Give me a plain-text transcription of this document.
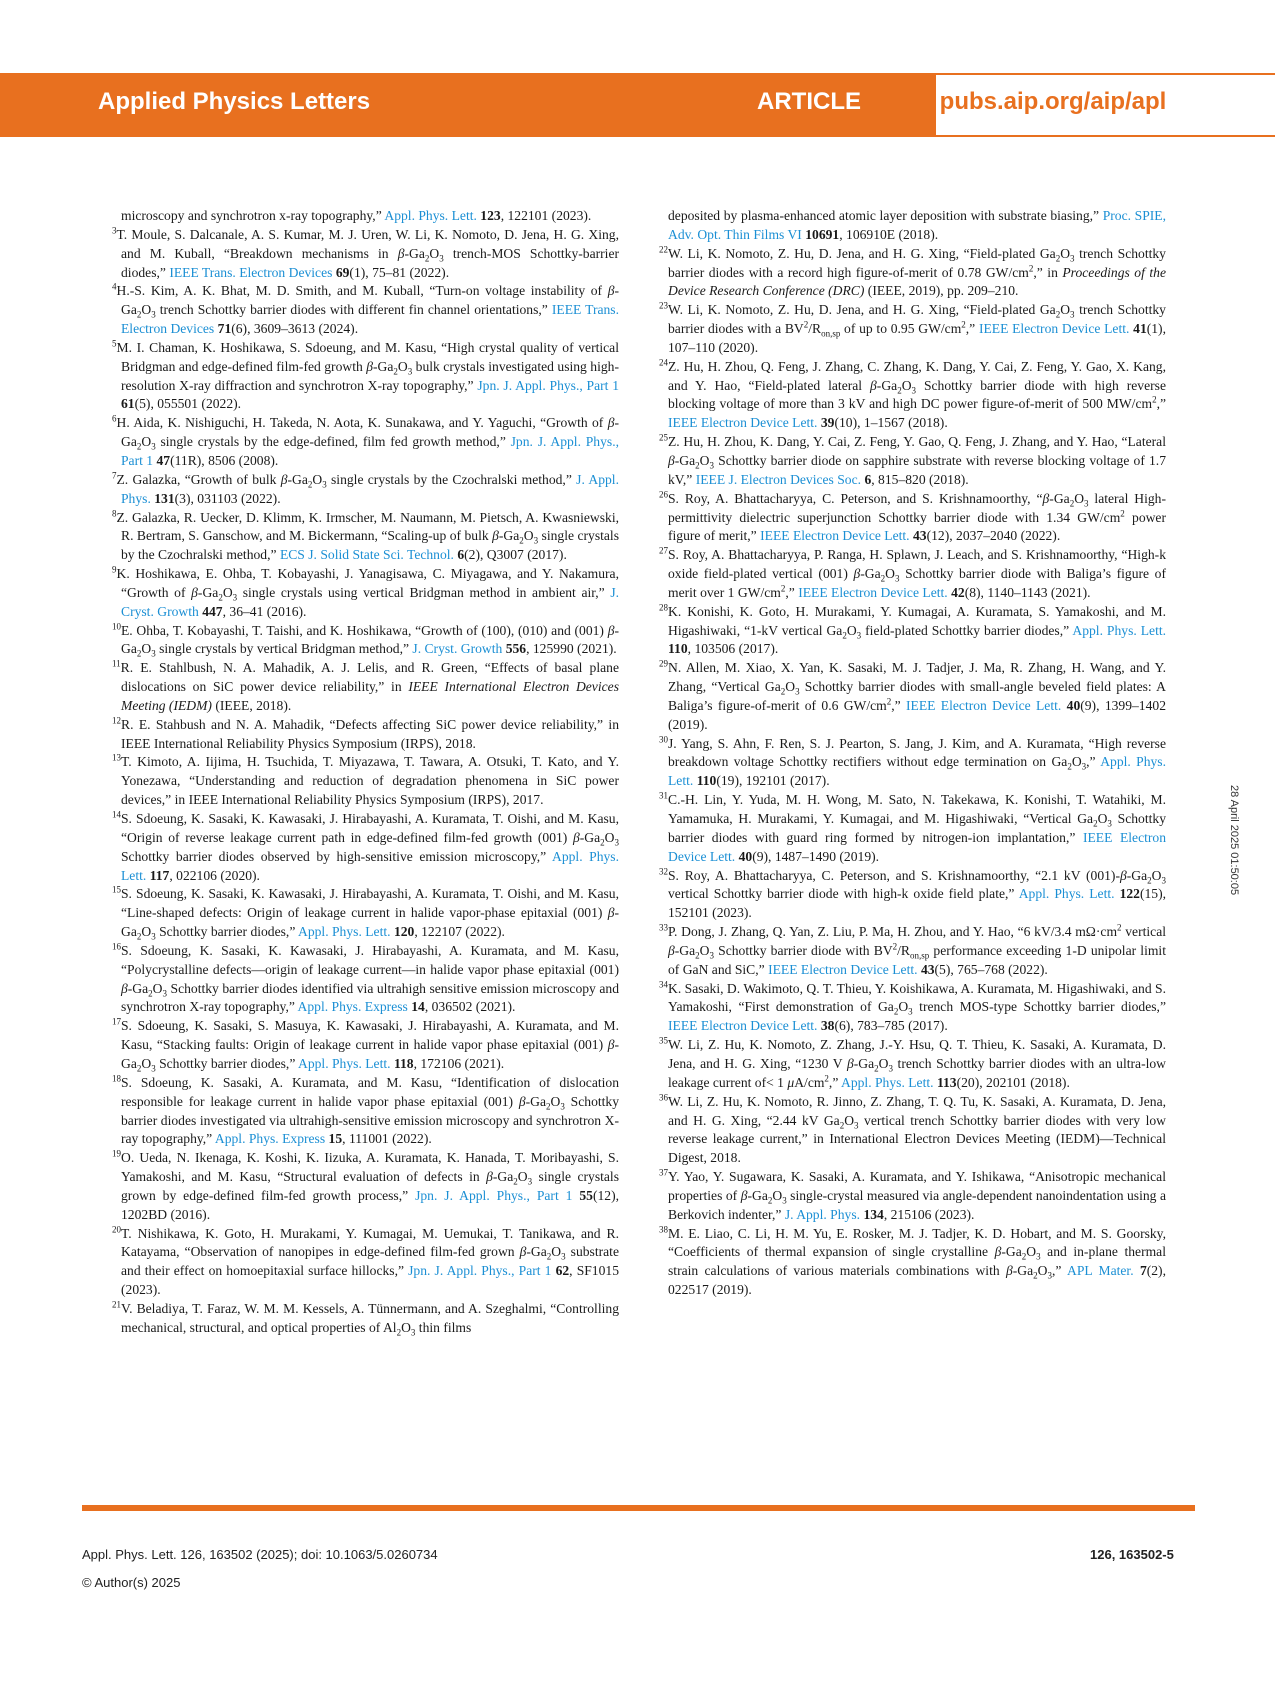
Applied Physics Letters	ARTICLE	pubs.aip.org/aip/apl

microscopy and synchrotron x-ray topography,” Appl. Phys. Lett. 123, 122101 (2023).

$^3$T. Moule, S. Dalcanale, A. S. Kumar, M. J. Uren, W. Li, K. Nomoto, D. Jena, H. G. Xing, and M. Kuball, “Breakdown mechanisms in $\beta-Ga_2O_3$ trench-MOS Schottky-barrier diodes,” IEEE Trans. Electron Devices 69(1), 75–81 (2022).

$^4$H.-S. Kim, A. K. Bhat, M. D. Smith, and M. Kuball, “Turn-on voltage instability of $\beta-Ga_2O_3$ trench Schottky barrier diodes with different fin channel orientations,” IEEE Trans. Electron Devices 71(6), 3609–3613 (2024).

$^5$M. I. Chaman, K. Hoshikawa, S. Sdoeung, and M. Kasu, “High crystal quality of vertical Bridgman and edge-defined film-fed growth $\beta-Ga_2O_3$ bulk crystals investigated using high-resolution X-ray diffraction and synchrotron X-ray topography,” Jpn. J. Appl. Phys., Part 1 61(5), 055501 (2022).

$^6$H. Aida, K. Nishiguchi, H. Takeda, N. Aota, K. Sunakawa, and Y. Yaguchi, “Growth of $\beta-Ga_2O_3$ single crystals by the edge-defined, film fed growth method,” Jpn. J. Appl. Phys., Part 1 47(11R), 8506 (2008).

$^7$Z. Galazka, “Growth of bulk $\beta-Ga_2O_3$ single crystals by the Czochralski method,” J. Appl. Phys. 131(3), 031103 (2022).

$^8$Z. Galazka, R. Uecker, D. Klimm, K. Irmscher, M. Naumann, M. Pietsch, A. Kwasniewski, R. Bertram, S. Ganschow, and M. Bickermann, “Scaling-up of bulk $\beta-Ga_2O_3$ single crystals by the Czochralski method,” ECS J. Solid State Sci. Technol. 6(2), Q3007 (2017).

$^9$K. Hoshikawa, E. Ohba, T. Kobayashi, J. Yanagisawa, C. Miyagawa, and Y. Nakamura, “Growth of $\beta-Ga_2O_3$ single crystals using vertical Bridgman method in ambient air,” J. Cryst. Growth 447, 36–41 (2016).

$^{10}$E. Ohba, T. Kobayashi, T. Taishi, and K. Hoshikawa, “Growth of (100), (010) and (001) $\beta-Ga_2O_3$ single crystals by vertical Bridgman method,” J. Cryst. Growth 556, 125990 (2021).

$^{11}$R. E. Stahlbush, N. A. Mahadik, A. J. Lelis, and R. Green, “Effects of basal plane dislocations on SiC power device reliability,” in IEEE International Electron Devices Meeting (IEDM) (IEEE, 2018).

$^{12}$R. E. Stahbush and N. A. Mahadik, “Defects affecting SiC power device reliability,” in IEEE International Reliability Physics Symposium (IRPS), 2018.

$^{13}$T. Kimoto, A. Iijima, H. Tsuchida, T. Miyazawa, T. Tawara, A. Otsuki, T. Kato, and Y. Yonezawa, “Understanding and reduction of degradation phenomena in SiC power devices,” in IEEE International Reliability Physics Symposium (IRPS), 2017.

$^{14}$S. Sdoeung, K. Sasaki, K. Kawasaki, J. Hirabayashi, A. Kuramata, T. Oishi, and M. Kasu, “Origin of reverse leakage current path in edge-defined film-fed growth (001) $\beta-Ga_2O_3$ Schottky barrier diodes observed by high-sensitive emission microscopy,” Appl. Phys. Lett. 117, 022106 (2020).

$^{15}$S. Sdoeung, K. Sasaki, K. Kawasaki, J. Hirabayashi, A. Kuramata, T. Oishi, and M. Kasu, “Line-shaped defects: Origin of leakage current in halide vapor-phase epitaxial (001) $\beta-Ga_2O_3$ Schottky barrier diodes,” Appl. Phys. Lett. 120, 122107 (2022).

$^{16}$S. Sdoeung, K. Sasaki, K. Kawasaki, J. Hirabayashi, A. Kuramata, and M. Kasu, “Polycrystalline defects—origin of leakage current—in halide vapor phase epitaxial (001) $\beta-Ga_2O_3$ Schottky barrier diodes identified via ultrahigh sensitive emission microscopy and synchrotron X-ray topography,” Appl. Phys. Express 14, 036502 (2021).

$^{17}$S. Sdoeung, K. Sasaki, S. Masuya, K. Kawasaki, J. Hirabayashi, A. Kuramata, and M. Kasu, “Stacking faults: Origin of leakage current in halide vapor phase epitaxial (001) $\beta-Ga_2O_3$ Schottky barrier diodes,” Appl. Phys. Lett. 118, 172106 (2021).

$^{18}$S. Sdoeung, K. Sasaki, A. Kuramata, and M. Kasu, “Identification of dislocation responsible for leakage current in halide vapor phase epitaxial (001) $\beta-Ga_2O_3$ Schottky barrier diodes investigated via ultrahigh-sensitive emission microscopy and synchrotron X-ray topography,” Appl. Phys. Express 15, 111001 (2022).

$^{19}$O. Ueda, N. Ikenaga, K. Koshi, K. Iizuka, A. Kuramata, K. Hanada, T. Moribayashi, S. Yamakoshi, and M. Kasu, “Structural evaluation of defects in $\beta-Ga_2O_3$ single crystals grown by edge-defined film-fed growth process,” Jpn. J. Appl. Phys., Part 1 55(12), 1202BD (2016).

$^{20}$T. Nishikawa, K. Goto, H. Murakami, Y. Kumagai, M. Uemukai, T. Tanikawa, and R. Katayama, “Observation of nanopipes in edge-defined film-fed grown $\beta-Ga_2O_3$ substrate and their effect on homoepitaxial surface hillocks,” Jpn. J. Appl. Phys., Part 1 62, SF1015 (2023).

$^{21}$V. Beladiya, T. Faraz, W. M. M. Kessels, A. Tünnermann, and A. Szeghalmi, “Controlling mechanical, structural, and optical properties of $Al_2O_3$ thin films

deposited by plasma-enhanced atomic layer deposition with substrate biasing,” Proc. SPIE, Adv. Opt. Thin Films VI 10691, 106910E (2018).

$^{22}$W. Li, K. Nomoto, Z. Hu, D. Jena, and H. G. Xing, “Field-plated $Ga_2O_3$ trench Schottky barrier diodes with a record high figure-of-merit of 0.78 $GW/cm^2$,” in Proceedings of the Device Research Conference (DRC) (IEEE, 2019), pp. 209–210.

$^{23}$W. Li, K. Nomoto, Z. Hu, D. Jena, and H. G. Xing, “Field-plated $Ga_2O_3$ trench Schottky barrier diodes with a $BV^2/R_{on,sp}$ of up to 0.95 $GW/cm^2$,” IEEE Electron Device Lett. 41(1), 107–110 (2020).

$^{24}$Z. Hu, H. Zhou, Q. Feng, J. Zhang, C. Zhang, K. Dang, Y. Cai, Z. Feng, Y. Gao, X. Kang, and Y. Hao, “Field-plated lateral $\beta-Ga_2O_3$ Schottky barrier diode with high reverse blocking voltage of more than 3 kV and high DC power figure-of-merit of 500 $MW/cm^2$,” IEEE Electron Device Lett. 39(10), 1–1567 (2018).

$^{25}$Z. Hu, H. Zhou, K. Dang, Y. Cai, Z. Feng, Y. Gao, Q. Feng, J. Zhang, and Y. Hao, “Lateral $\beta-Ga_2O_3$ Schottky barrier diode on sapphire substrate with reverse blocking voltage of 1.7 kV,” IEEE J. Electron Devices Soc. 6, 815–820 (2018).

$^{26}$S. Roy, A. Bhattacharyya, C. Peterson, and S. Krishnamoorthy, “$\beta-Ga_2O_3$ lateral High-permittivity dielectric superjunction Schottky barrier diode with 1.34 $GW/cm^2$ power figure of merit,” IEEE Electron Device Lett. 43(12), 2037–2040 (2022).

$^{27}$S. Roy, A. Bhattacharyya, P. Ranga, H. Splawn, J. Leach, and S. Krishnamoorthy, “High-k oxide field-plated vertical (001) $\beta-Ga_2O_3$ Schottky barrier diode with Baliga’s figure of merit over 1 $GW/cm^2$,” IEEE Electron Device Lett. 42(8), 1140–1143 (2021).

$^{28}$K. Konishi, K. Goto, H. Murakami, Y. Kumagai, A. Kuramata, S. Yamakoshi, and M. Higashiwaki, “1-kV vertical $Ga_2O_3$ field-plated Schottky barrier diodes,” Appl. Phys. Lett. 110, 103506 (2017).

$^{29}$N. Allen, M. Xiao, X. Yan, K. Sasaki, M. J. Tadjer, J. Ma, R. Zhang, H. Wang, and Y. Zhang, “Vertical $Ga_2O_3$ Schottky barrier diodes with small-angle beveled field plates: A Baliga’s figure-of-merit of 0.6 $GW/cm^2$,” IEEE Electron Device Lett. 40(9), 1399–1402 (2019).

$^{30}$J. Yang, S. Ahn, F. Ren, S. J. Pearton, S. Jang, J. Kim, and A. Kuramata, “High reverse breakdown voltage Schottky rectifiers without edge termination on $Ga_2O_3$,” Appl. Phys. Lett. 110(19), 192101 (2017).

$^{31}$C.-H. Lin, Y. Yuda, M. H. Wong, M. Sato, N. Takekawa, K. Konishi, T. Watahiki, M. Yamamuka, H. Murakami, Y. Kumagai, and M. Higashiwaki, “Vertical $Ga_2O_3$ Schottky barrier diodes with guard ring formed by nitrogen-ion implantation,” IEEE Electron Device Lett. 40(9), 1487–1490 (2019).

$^{32}$S. Roy, A. Bhattacharyya, C. Peterson, and S. Krishnamoorthy, “2.1 kV $(001)-\beta-Ga_2O_3$ vertical Schottky barrier diode with high-k oxide field plate,” Appl. Phys. Lett. 122(15), 152101 (2023).

$^{33}$P. Dong, J. Zhang, Q. Yan, Z. Liu, P. Ma, H. Zhou, and Y. Hao, “6 kV/3.4 $m\Omega\cdot cm^2$ vertical $\beta-Ga_2O_3$ Schottky barrier diode with $BV^2/R_{on,sp}$ performance exceeding 1-D unipolar limit of GaN and SiC,” IEEE Electron Device Lett. 43(5), 765–768 (2022).

$^{34}$K. Sasaki, D. Wakimoto, Q. T. Thieu, Y. Koishikawa, A. Kuramata, M. Higashiwaki, and S. Yamakoshi, “First demonstration of $Ga_2O_3$ trench MOS-type Schottky barrier diodes,” IEEE Electron Device Lett. 38(6), 783–785 (2017).

$^{35}$W. Li, Z. Hu, K. Nomoto, Z. Zhang, J.-Y. Hsu, Q. T. Thieu, K. Sasaki, A. Kuramata, D. Jena, and H. G. Xing, “1230 V $\beta-Ga_2O_3$ trench Schottky barrier diodes with an ultra-low leakage current of< 1 $\mu A/cm^2$,” Appl. Phys. Lett. 113(20), 202101 (2018).

$^{36}$W. Li, Z. Hu, K. Nomoto, R. Jinno, Z. Zhang, T. Q. Tu, K. Sasaki, A. Kuramata, D. Jena, and H. G. Xing, “2.44 kV $Ga_2O_3$ vertical trench Schottky barrier diodes with very low reverse leakage current,” in International Electron Devices Meeting (IEDM)—Technical Digest, 2018.

$^{37}$Y. Yao, Y. Sugawara, K. Sasaki, A. Kuramata, and Y. Ishikawa, “Anisotropic mechanical properties of $\beta-Ga_2O_3$ single-crystal measured via angle-dependent nanoindentation using a Berkovich indenter,” J. Appl. Phys. 134, 215106 (2023).

$^{38}$M. E. Liao, C. Li, H. M. Yu, E. Rosker, M. J. Tadjer, K. D. Hobart, and M. S. Goorsky, “Coefficients of thermal expansion of single crystalline $\beta-Ga_2O_3$ and in-plane thermal strain calculations of various materials combinations with $\beta-Ga_2O_3$,” APL Mater. 7(2), 022517 (2019).

28 April 2025 01:50:05
Appl. Phys. Lett. 126, 163502 (2025); doi: 10.1063/5.0260734
© Author(s) 2025
126, 163502-5
